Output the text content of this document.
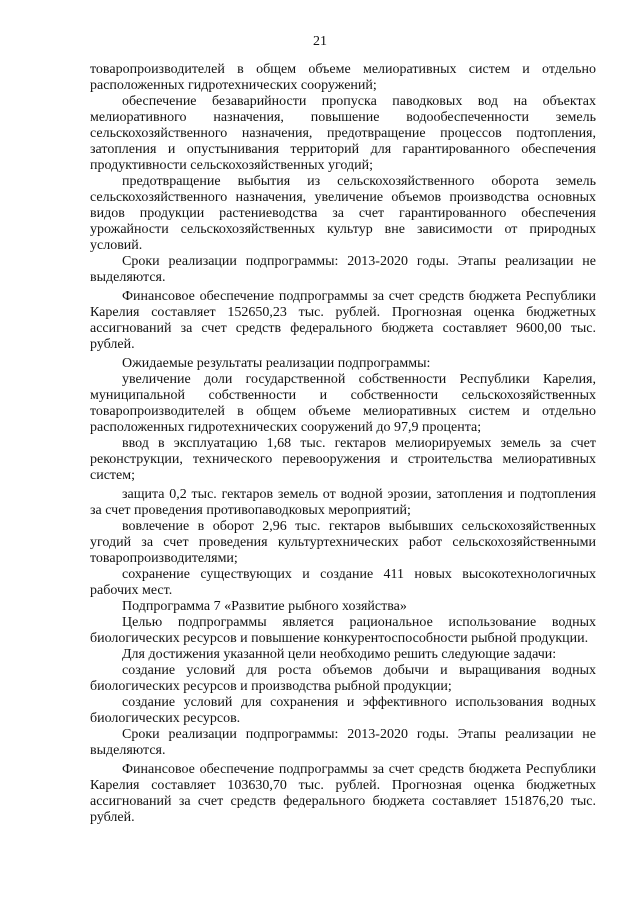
21

товаропроизводителей в общем объеме мелиоративных систем и отдельно расположенных гидротехнических сооружений;

обеспечение безаварийности пропуска паводковых вод на объектах мелиоративного назначения, повышение водообеспеченности земель сельскохозяйственного назначения, предотвращение процессов подтопления, затопления и опустынивания территорий для гарантированного обеспечения продуктивности сельскохозяйственных угодий;

предотвращение выбытия из сельскохозяйственного оборота земель сельскохозяйственного назначения, увеличение объемов производства основных видов продукции растениеводства за счет гарантированного обеспечения урожайности сельскохозяйственных культур вне зависимости от природных условий.

Сроки реализации подпрограммы: 2013-2020 годы. Этапы реализации не выделяются.

Финансовое обеспечение подпрограммы за счет средств бюджета Республики Карелия составляет 152650,23 тыс. рублей. Прогнозная оценка бюджетных ассигнований за счет средств федерального бюджета составляет 9600,00 тыс. рублей.

Ожидаемые результаты реализации подпрограммы:

увеличение доли государственной собственности Республики Карелия, муниципальной собственности и собственности сельскохозяйственных товаропроизводителей в общем объеме мелиоративных систем и отдельно расположенных гидротехнических сооружений до 97,9 процента;

ввод в эксплуатацию 1,68 тыс. гектаров мелиорируемых земель за счет реконструкции, технического перевооружения и строительства мелиоративных систем;

защита 0,2 тыс. гектаров земель от водной эрозии, затопления и подтопления за счет проведения противопаводковых мероприятий;

вовлечение в оборот 2,96 тыс. гектаров выбывших сельскохозяйственных угодий за счет проведения культуртехнических работ сельскохозяйственными товаропроизводителями;

сохранение существующих и создание 411 новых высокотехнологичных рабочих мест.

Подпрограмма 7 «Развитие рыбного хозяйства»

Целью подпрограммы является рациональное использование водных биологических ресурсов и повышение конкурентоспособности рыбной продукции.

Для достижения указанной цели необходимо решить следующие задачи:

создание условий для роста объемов добычи и выращивания водных биологических ресурсов и производства рыбной продукции;

создание условий для сохранения и эффективного использования водных биологических ресурсов.

Сроки реализации подпрограммы: 2013-2020 годы. Этапы реализации не выделяются.

Финансовое обеспечение подпрограммы за счет средств бюджета Республики Карелия составляет 103630,70 тыс. рублей. Прогнозная оценка бюджетных ассигнований за счет средств федерального бюджета составляет 151876,20 тыс. рублей.
